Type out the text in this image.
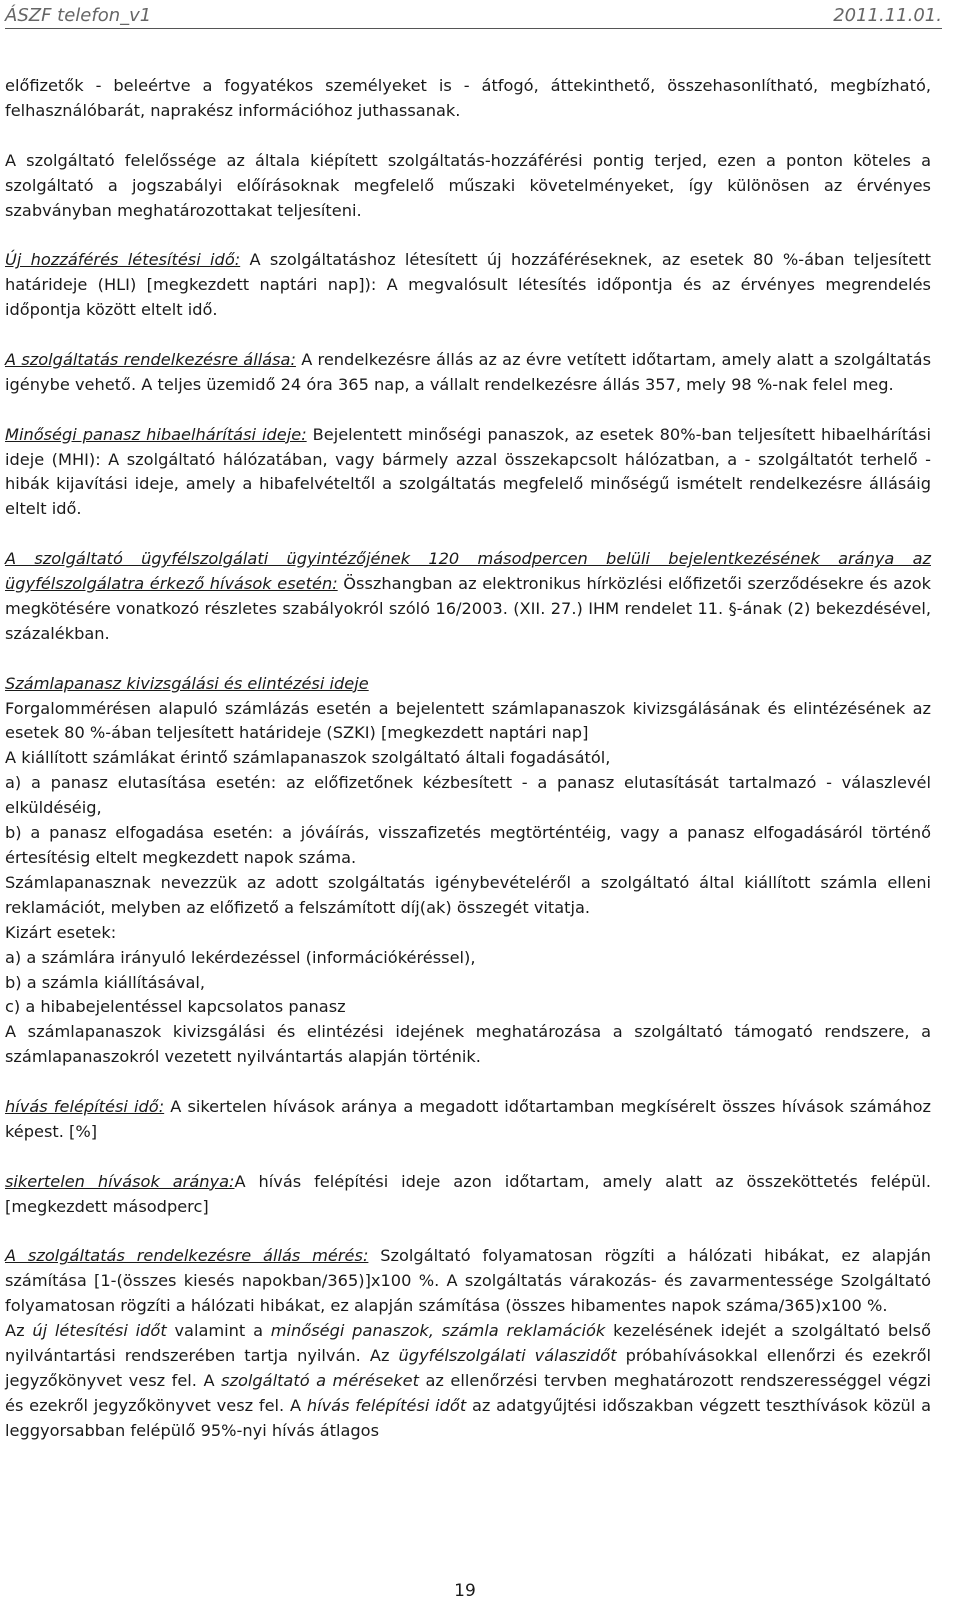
ÁSZF telefon_v1	2011.11.01.

előfizetők - beleértve a fogyatékos személyeket is - átfogó, áttekinthető, összehasonlítható, megbízható, felhasználóbarát, naprakész információhoz juthassanak.

A szolgáltató felelőssége az általa kiépített szolgáltatás-hozzáférési pontig terjed, ezen a ponton köteles a szolgáltató a jogszabályi előírásoknak megfelelő műszaki követelményeket, így különösen az érvényes szabványban meghatározottakat teljesíteni.

Új hozzáférés létesítési idő: A szolgáltatáshoz létesített új hozzáféréseknek, az esetek 80 %-ában teljesített határideje (HLI) [megkezdett naptári nap]): A megvalósult létesítés időpontja és az érvényes megrendelés időpontja között eltelt idő.

A szolgáltatás rendelkezésre állása: A rendelkezésre állás az az évre vetített időtartam, amely alatt a szolgáltatás igénybe vehető. A teljes üzemidő 24 óra 365 nap, a vállalt rendelkezésre állás 357, mely 98 %-nak felel meg.

Minőségi panasz hibaelhárítási ideje: Bejelentett minőségi panaszok, az esetek 80%-ban teljesített hibaelhárítási ideje (MHI): A szolgáltató hálózatában, vagy bármely azzal összekapcsolt hálózatban, a - szolgáltatót terhelő - hibák kijavítási ideje, amely a hibafelvételtől a szolgáltatás megfelelő minőségű ismételt rendelkezésre állásáig eltelt idő.

A szolgáltató ügyfélszolgálati ügyintézőjének 120 másodpercen belüli bejelentkezésének aránya az ügyfélszolgálatra érkező hívások esetén: Összhangban az elektronikus hírközlési előfizetői szerződésekre és azok megkötésére vonatkozó részletes szabályokról szóló 16/2003. (XII. 27.) IHM rendelet 11. §-ának (2) bekezdésével, százalékban.

Számlapanasz kivizsgálási és elintézési ideje
Forgalommérésen alapuló számlázás esetén a bejelentett számlapanaszok kivizsgálásának és elintézésének az esetek 80 %-ában teljesített határideje (SZKI) [megkezdett naptári nap]
A kiállított számlákat érintő számlapanaszok szolgáltató általi fogadásától,
a) a panasz elutasítása esetén: az előfizetőnek kézbesített - a panasz elutasítását tartalmazó - válaszlevél elküldéséig,
b) a panasz elfogadása esetén: a jóváírás, visszafizetés megtörténtéig, vagy a panasz elfogadásáról történő értesítésig eltelt megkezdett napok száma.
Számlapanasznak nevezzük az adott szolgáltatás igénybevételéről a szolgáltató által kiállított számla elleni reklamációt, melyben az előfizető a felszámított díj(ak) összegét vitatja.
Kizárt esetek:
a) a számlára irányuló lekérdezéssel (információkéréssel),
b) a számla kiállításával,
c) a hibabejelentéssel kapcsolatos panasz
A számlapanaszok kivizsgálási és elintézési idejének meghatározása a szolgáltató támogató rendszere, a számlapanaszokról vezetett nyilvántartás alapján történik.

hívás felépítési idő: A sikertelen hívások aránya a megadott időtartamban megkísérelt összes hívások számához képest. [%]

sikertelen hívások aránya:A hívás felépítési ideje azon időtartam, amely alatt az összeköttetés felépül.[megkezdett másodperc]

A szolgáltatás rendelkezésre állás mérés: Szolgáltató folyamatosan rögzíti a hálózati hibákat, ez alapján számítása [1-(összes kiesés napokban/365)]x100 %. A szolgáltatás várakozás- és zavarmentessége Szolgáltató folyamatosan rögzíti a hálózati hibákat, ez alapján számítása (összes hibamentes napok száma/365)x100 %.

Az új létesítési időt valamint a minőségi panaszok, számla reklamációk kezelésének idejét a szolgáltató belső nyilvántartási rendszerében tartja nyilván. Az ügyfélszolgálati válaszidőt próbahívásokkal ellenőrzi és ezekről jegyzőkönyvet vesz fel. A szolgáltató a méréseket az ellenőrzési tervben meghatározott rendszerességgel végzi és ezekről jegyzőkönyvet vesz fel. A hívás felépítési időt az adatgyűjtési időszakban végzett teszthívások közül a leggyorsabban felépülő 95%-nyi hívás átlagos

19
